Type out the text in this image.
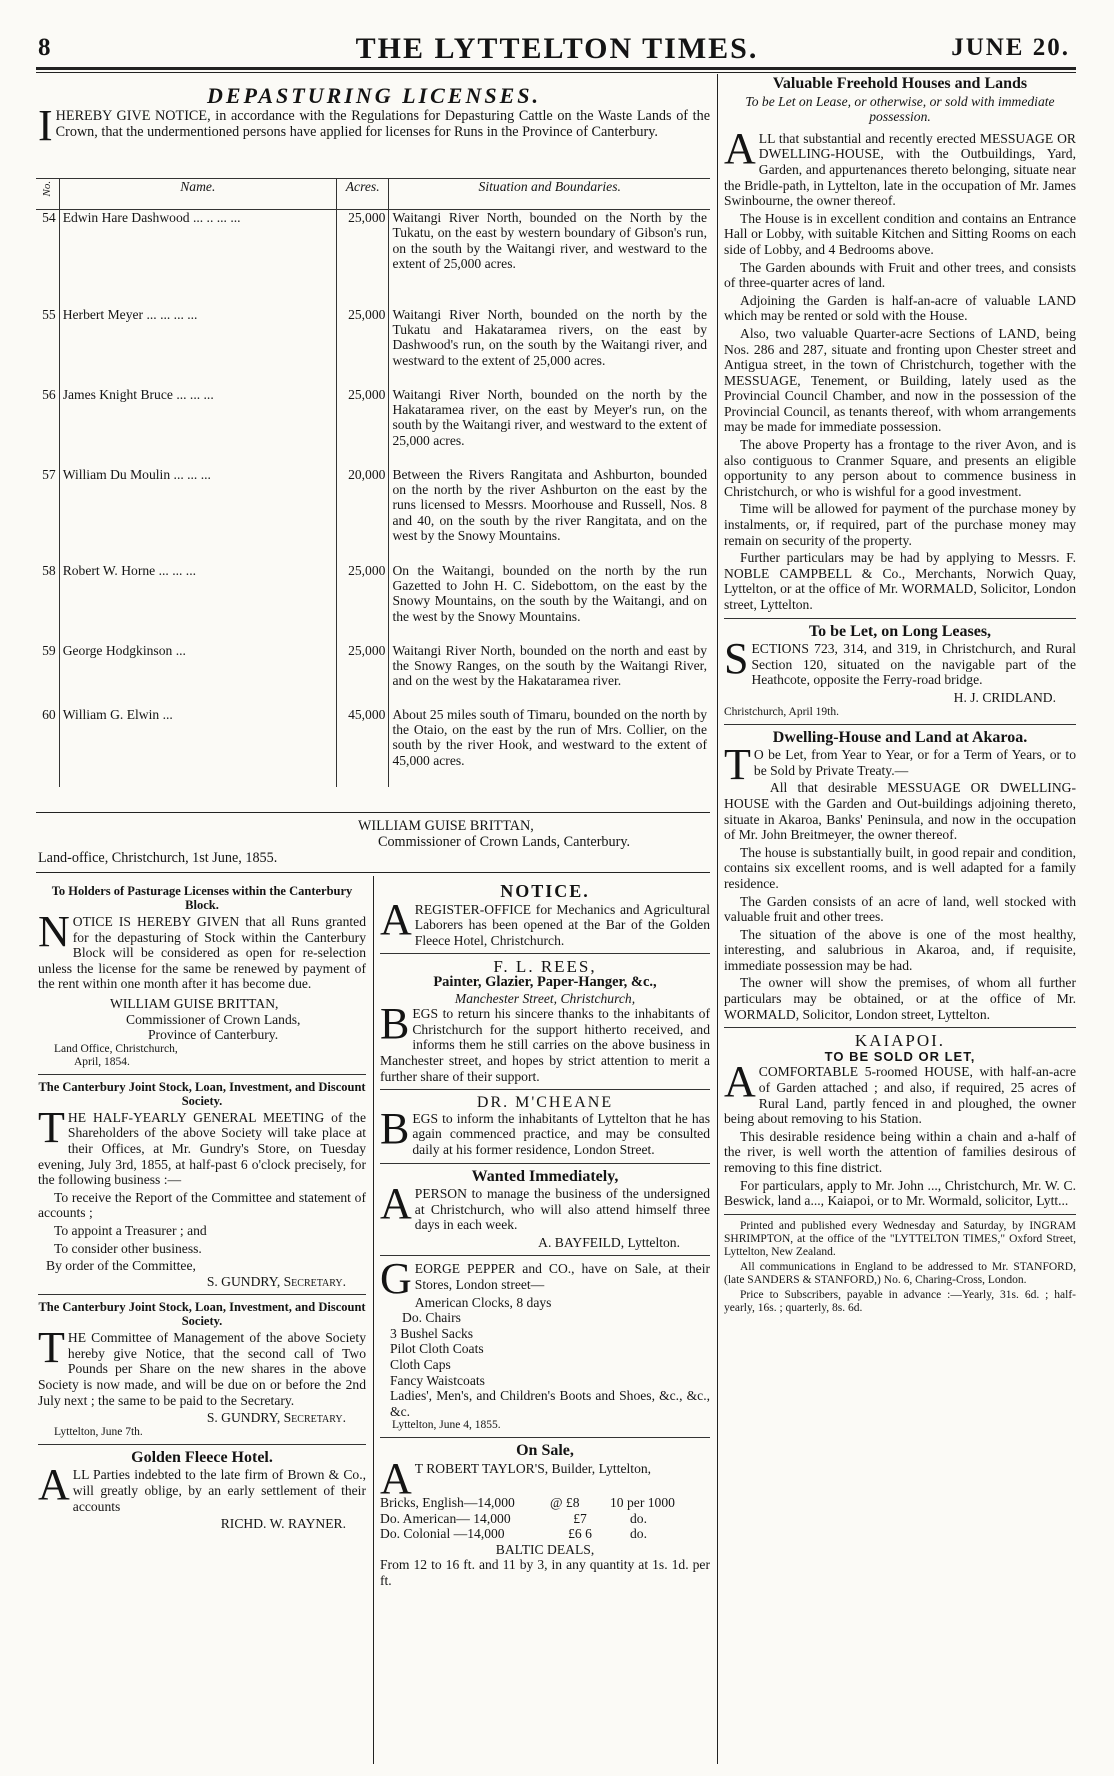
8	THE LYTTELTON TIMES.	JUNE 20.
DEPASTURING LICENSES.

IHEREBY GIVE NOTICE, in accordance with the Regulations for Depasturing Cattle on the Waste Lands of the Crown, that the undermentioned persons have applied for licenses for Runs in the Province of Canterbury.

No.	Name.	Acres.	Situation and Boundaries.
54	Edwin Hare Dashwood ... .. ... ...	25,000	Waitangi River North, bounded on the North by the Tukatu, on the east by western boundary of Gibson's run, on the south by the Waitangi river, and westward to the extent of 25,000 acres.
55	Herbert Meyer ... ... ... ...	25,000	Waitangi River North, bounded on the north by the Tukatu and Hakataramea rivers, on the east by Dashwood's run, on the south by the Waitangi river, and westward to the extent of 25,000 acres.
56	James Knight Bruce ... ... ...	25,000	Waitangi River North, bounded on the north by the Hakataramea river, on the east by Meyer's run, on the south by the Waitangi river, and westward to the extent of 25,000 acres.
57	William Du Moulin ... ... ...	20,000	Between the Rivers Rangitata and Ashburton, bounded on the north by the river Ashburton on the east by the runs licensed to Messrs. Moorhouse and Russell, Nos. 8 and 40, on the south by the river Rangitata, and on the west by the Snowy Mountains.
58	Robert W. Horne ... ... ...	25,000	On the Waitangi, bounded on the north by the run Gazetted to John H. C. Sidebottom, on the east by the Snowy Mountains, on the south by the Waitangi, and on the west by the Snowy Mountains.
59	George Hodgkinson ...	25,000	Waitangi River North, bounded on the north and east by the Snowy Ranges, on the south by the Waitangi River, and on the west by the Hakataramea river.
60	William G. Elwin ...	45,000	About 25 miles south of Timaru, bounded on the north by the Otaio, on the east by the run of Mrs. Collier, on the south by the river Hook, and westward to the extent of 45,000 acres.
WILLIAM GUISE BRITTAN,
Commissioner of Crown Lands, Canterbury.
Land-office, Christchurch, 1st June, 1855.
To Holders of Pasturage Licenses within the Canterbury Block.

NOTICE IS HEREBY GIVEN that all Runs granted for the depasturing of Stock within the Canterbury Block will be considered as open for re-selection unless the license for the same be renewed by payment of the rent within one month after it has become due.

WILLIAM GUISE BRITTAN,
Commissioner of Crown Lands,
Province of Canterbury.
Land Office, Christchurch,
April, 1854.
The Canterbury Joint Stock, Loan, Investment, and Discount Society.

THE HALF-YEARLY GENERAL MEETING of the Shareholders of the above Society will take place at their Offices, at Mr. Gundry's Store, on Tuesday evening, July 3rd, 1855, at half-past 6 o'clock precisely, for the following business :—

To receive the Report of the Committee and statement of accounts ;

To appoint a Treasurer ; and

To consider other business.

By order of the Committee,
S. GUNDRY, Secretary.
The Canterbury Joint Stock, Loan, Investment, and Discount Society.

THE Committee of Management of the above Society hereby give Notice, that the second call of Two Pounds per Share on the new shares in the above Society is now made, and will be due on or before the 2nd July next ; the same to be paid to the Secretary.

S. GUNDRY, Secretary.
Lyttelton, June 7th.
Golden Fleece Hotel.

ALL Parties indebted to the late firm of Brown & Co., will greatly oblige, by an early settlement of their accounts

RICHD. W. RAYNER.
NOTICE.

AREGISTER-OFFICE for Mechanics and Agricultural Laborers has been opened at the Bar of the Golden Fleece Hotel, Christchurch.

F. L. REES,
Painter, Glazier, Paper-Hanger, &c.,
Manchester Street, Christchurch,

BEGS to return his sincere thanks to the inhabitants of Christchurch for the support hitherto received, and informs them he still carries on the above business in Manchester street, and hopes by strict attention to merit a further share of their support.

DR. M'CHEANE

BEGS to inform the inhabitants of Lyttelton that he has again commenced practice, and may be consulted daily at his former residence, London Street.

Wanted Immediately,

APERSON to manage the business of the undersigned at Christchurch, who will also attend himself three days in each week.

A. BAYFEILD, Lyttelton.

GEORGE PEPPER and CO., have on Sale, at their Stores, London street—

American Clocks, 8 days
Do. Chairs
3 Bushel Sacks
Pilot Cloth Coats
Cloth Caps
Fancy Waistcoats
Ladies', Men's, and Children's Boots and Shoes, &c., &c., &c.
Lyttelton, June 4, 1855.
On Sale,

A T ROBERT TAYLOR'S, Builder, Lyttelton,

Bricks, English—14,000	@ £8	10 per 1000
Do. American— 14,000	£7	do.
Do. Colonial —14,000	£6 6	do.
BALTIC DEALS,
From 12 to 16 ft. and 11 by 3, in any quantity at 1s. 1d. per ft.
Valuable Freehold Houses and Lands
To be Let on Lease, or otherwise, or sold with immediate possession.

ALL that substantial and recently erected MESSUAGE OR DWELLING-HOUSE, with the Outbuildings, Yard, Garden, and appurtenances thereto belonging, situate near the Bridle-path, in Lyttelton, late in the occupation of Mr. James Swinbourne, the owner thereof.

The House is in excellent condition and contains an Entrance Hall or Lobby, with suitable Kitchen and Sitting Rooms on each side of Lobby, and 4 Bedrooms above.

The Garden abounds with Fruit and other trees, and consists of three-quarter acres of land.

Adjoining the Garden is half-an-acre of valuable LAND which may be rented or sold with the House.

Also, two valuable Quarter-acre Sections of LAND, being Nos. 286 and 287, situate and fronting upon Chester street and Antigua street, in the town of Christchurch, together with the MESSUAGE, Tenement, or Building, lately used as the Provincial Council Chamber, and now in the possession of the Provincial Council, as tenants thereof, with whom arrangements may be made for immediate possession.

The above Property has a frontage to the river Avon, and is also contiguous to Cranmer Square, and presents an eligible opportunity to any person about to commence business in Christchurch, or who is wishful for a good investment.

Time will be allowed for payment of the purchase money by instalments, or, if required, part of the purchase money may remain on security of the property.

Further particulars may be had by applying to Messrs. F. NOBLE CAMPBELL & Co., Merchants, Norwich Quay, Lyttelton, or at the office of Mr. WORMALD, Solicitor, London street, Lyttelton.

To be Let, on Long Leases,

SECTIONS 723, 314, and 319, in Christchurch, and Rural Section 120, situated on the navigable part of the Heathcote, opposite the Ferry-road bridge.

H. J. CRIDLAND.
Christchurch, April 19th.
Dwelling-House and Land at Akaroa.

T O be Let, from Year to Year, or for a Term of Years, or to be Sold by Private Treaty.—

All that desirable MESSUAGE OR DWELLING-HOUSE with the Garden and Out-buildings adjoining thereto, situate in Akaroa, Banks' Peninsula, and now in the occupation of Mr. John Breitmeyer, the owner thereof.

The house is substantially built, in good repair and condition, contains six excellent rooms, and is well adapted for a family residence.

The Garden consists of an acre of land, well stocked with valuable fruit and other trees.

The situation of the above is one of the most healthy, interesting, and salubrious in Akaroa, and, if requisite, immediate possession may be had.

The owner will show the premises, of whom all further particulars may be obtained, or at the office of Mr. WORMALD, Solicitor, London street, Lyttelton.

KAIAPOI.
TO BE SOLD OR LET,

ACOMFORTABLE 5-roomed HOUSE, with half-an-acre of Garden attached ; and also, if required, 25 acres of Rural Land, partly fenced in and ploughed, the owner being about removing to his Station.

This desirable residence being within a chain and a-half of the river, is well worth the attention of families desirous of removing to this fine district.

For particulars, apply to Mr. John ..., Christchurch, Mr. W. C. Beswick, land a..., Kaiapoi, or to Mr. Wormald, solicitor, Lytt...

Printed and published every Wednesday and Saturday, by INGRAM SHRIMPTON, at the office of the "LYTTELTON TIMES," Oxford Street, Lyttelton, New Zealand.

All communications in England to be addressed to Mr. STANFORD, (late SANDERS & STANFORD,) No. 6, Charing-Cross, London.

Price to Subscribers, payable in advance :—Yearly, 31s. 6d. ; half-yearly, 16s. ; quarterly, 8s. 6d.
